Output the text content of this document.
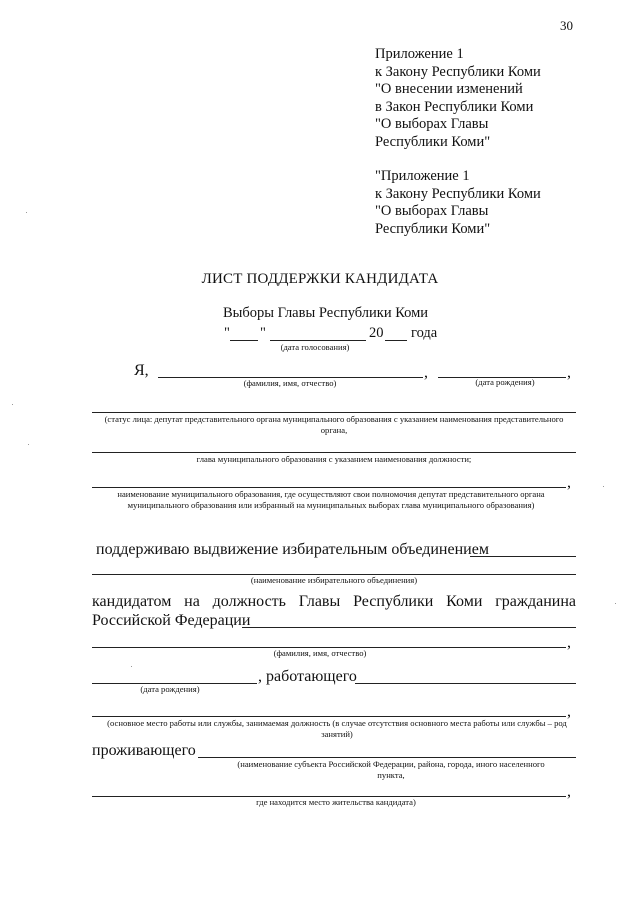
30
Приложение 1
к Закону Республики Коми
"О внесении изменений
в Закон Республики Коми
"О выборах Главы
Республики Коми"
"Приложение 1
к Закону Республики Коми
"О выборах Главы
Республики Коми"
ЛИСТ ПОДДЕРЖКИ КАНДИДАТА
Выборы Главы Республики Коми
" "	20 года
(дата голосования)
Я,	,	,
(фамилия, имя, отчество)	(дата рождения)
(статус лица: депутат представительного органа муниципального образования с указанием наименования представительного органа,
глава муниципального образования с указанием наименования должности;
,
наименование муниципального образования, где осуществляют свои полномочия депутат представительного органа муниципального образования или избранный на муниципальных выборах глава муниципального образования)
поддерживаю выдвижение избирательным объединением
(наименование избирательного объединения)
кандидатом на должность Главы Республики Коми гражданина
Российской Федерации
,
(фамилия, имя, отчество)
, работающего
(дата рождения)
,
(основное место работы или службы, занимаемая должность (в случае отсутствия основного места работы или службы – род занятий)
проживающего
(наименование субъекта Российской Федерации, района, города, иного населенного пункта,
,
где находится место жительства кандидата)
